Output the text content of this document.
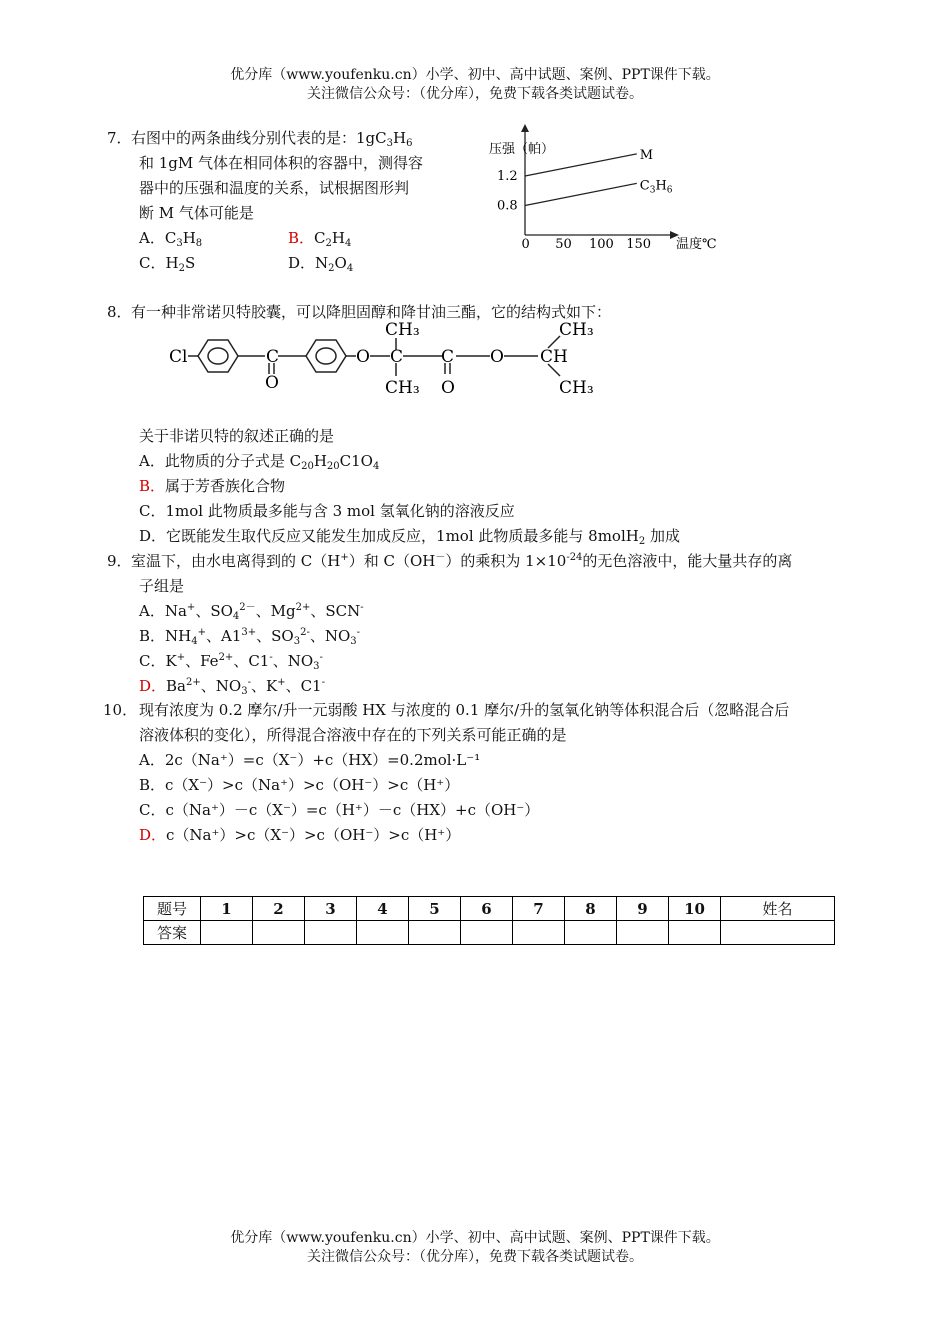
优分库（www.youfenku.cn）小学、初中、高中试题、案例、PPT课件下载。
关注微信公众号：（优分库），免费下载各类试题试卷。
7． 右图中的两条曲线分别代表的是：$1gC_3H_6$
和 1gM 气体在相同体积的容器中，测得容
器中的压强和温度的关系，试根据图形判
断 M 气体可能是
A．$C_3H_8$	B．$C_2H_4$
C．$H_2S$	D．$N_2O_4$
压强（帕）
温度℃
0 50 100 150
1.2
0.8
M
$C_3H_6$
8． 有一种非常诺贝特胶囊，可以降胆固醇和降甘油三酯，它的结构式如下：
Cl	C
O
O C
CH₃
CH₃
C
O
O CH
CH₃
CH₃
关于非诺贝特的叙述正确的是
A．此物质的分子式是 $C_{20}H_{20}C1O_4$
B．属于芳香族化合物
C．1mol 此物质最多能与含 3 mol 氢氧化钠的溶液反应
D．它既能发生取代反应又能发生加成反应，1mol 此物质最多能与 8molH$_2$ 加成
9． 室温下，由水电离得到的 C（H+）和 C（OH－）的乘积为 $1\times 10^{-24}$的无色溶液中，能大量共存的离
子组是
A．Na+、$SO_4^{2-}$、$Mg^{2+}$、SCN-
B．$NH_4^+$、$A1^{3+}$、$SO_3^{2-}$、$NO_3^-$
C．K+、$Fe^{2+}$、C1-、$NO_3^-$
D．$Ba^{2+}$、$NO_3^-$、K+、C1-
10． 现有浓度为 0.2 摩尔/升一元弱酸 HX 与浓度的 0.1 摩尔/升的氢氧化钠等体积混合后（忽略混合后
溶液体积的变化），所得混合溶液中存在的下列关系可能正确的是
A．2c（Na⁺）=c（X⁻）+c（HX）=0.2mol·L⁻¹
B．c（X⁻）>c（Na⁺）>c（OH⁻）>c（H⁺）
C．c（Na⁺）－c（X⁻）=c（H⁺）－c（HX）+c（OH⁻）
D．c（Na⁺）>c（X⁻）>c（OH⁻）>c（H⁺）
题号	1	2	3	4	5	6	7	8	9	10	姓名
答案											
优分库（www.youfenku.cn）小学、初中、高中试题、案例、PPT课件下载。
关注微信公众号：（优分库），免费下载各类试题试卷。
